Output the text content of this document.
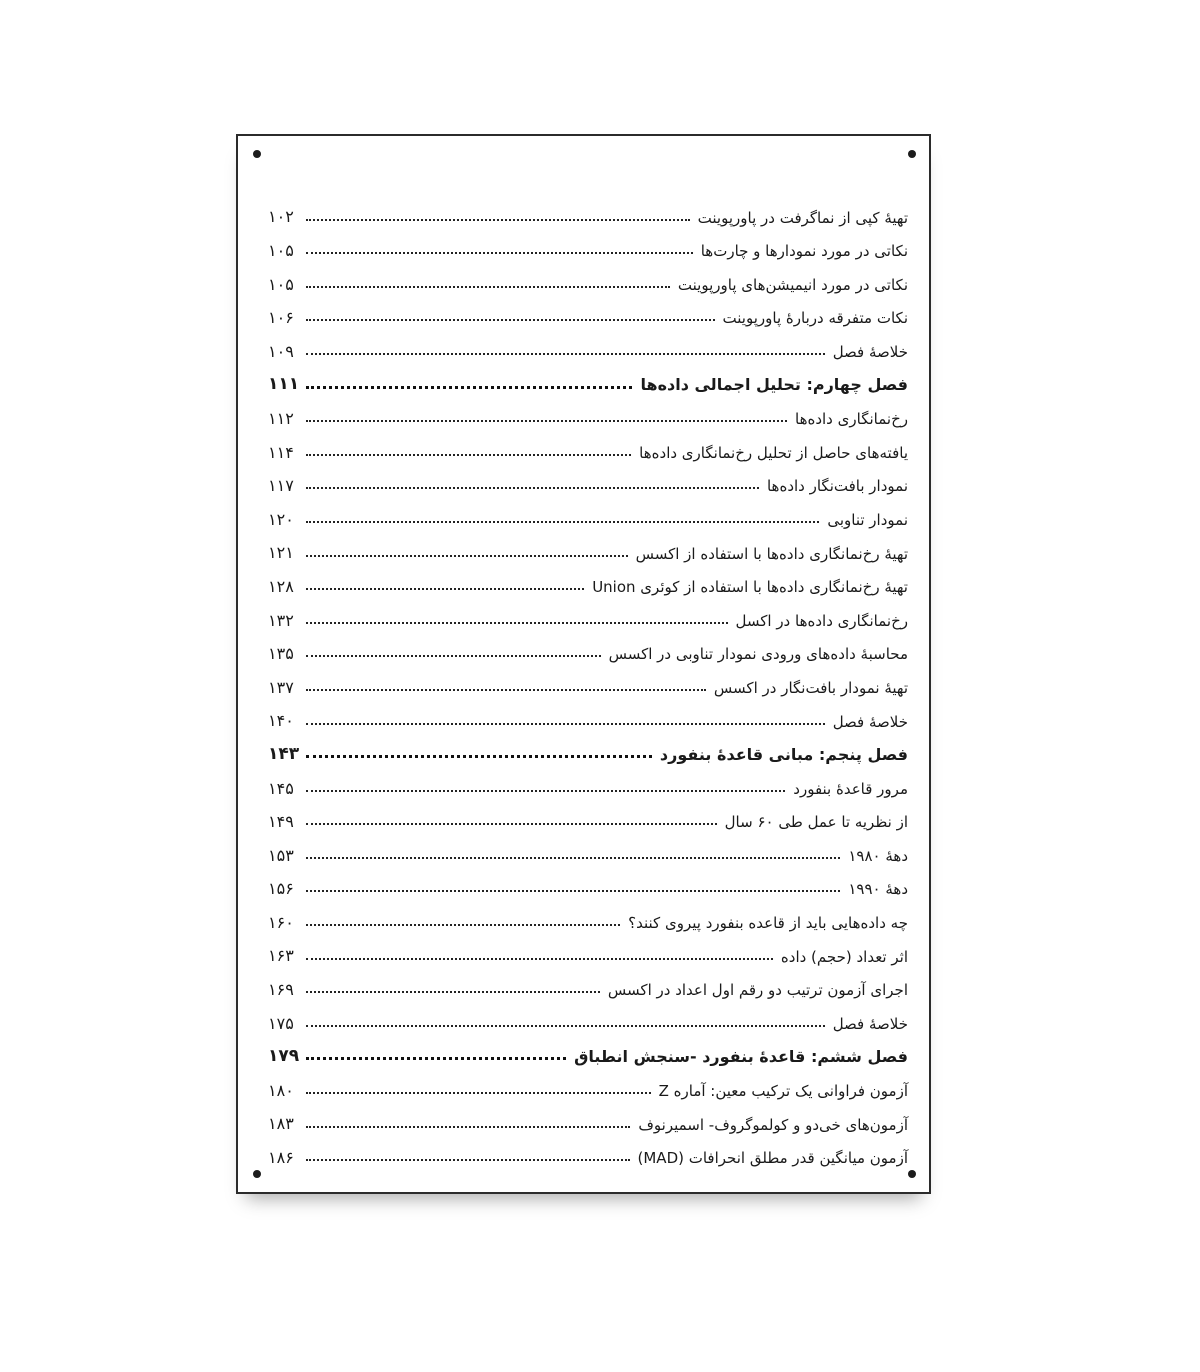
تهیهٔ کپی از نماگرفت در پاورپوینت
۱۰۲
نکاتی در مورد نمودارها و چارت‌ها
۱۰۵
نکاتی در مورد انیمیشن‌های پاورپوینت
۱۰۵
نکات متفرقه دربارهٔ پاورپوینت
۱۰۶
خلاصهٔ فصل
۱۰۹
فصل چهارم: تحلیل اجمالی داده‌ها
۱۱۱
رخ‌نمانگاری داده‌ها
۱۱۲
یافته‌های حاصل از تحلیل رخ‌نمانگاری داده‌ها
۱۱۴
نمودار بافت‌نگار داده‌ها
۱۱۷
نمودار تناوبی
۱۲۰
تهیهٔ رخ‌نمانگاری داده‌ها با استفاده از اکسس
۱۲۱
تهیهٔ رخ‌نمانگاری داده‌ها با استفاده از کوئری Union
۱۲۸
رخ‌نمانگاری داده‌ها در اکسل
۱۳۲
محاسبهٔ داده‌های ورودی نمودار تناوبی در اکسس
۱۳۵
تهیهٔ نمودار بافت‌نگار در اکسس
۱۳۷
خلاصهٔ فصل
۱۴۰
فصل پنجم: مبانی قاعدهٔ بنفورد
۱۴۳
مرور قاعدهٔ بنفورد
۱۴۵
از نظریه تا عمل طی ۶۰ سال
۱۴۹
دههٔ ۱۹۸۰
۱۵۳
دههٔ ۱۹۹۰
۱۵۶
چه داده‌هایی باید از قاعده بنفورد پیروی کنند؟
۱۶۰
اثر تعداد (حجم) داده
۱۶۳
اجرای آزمون ترتیب دو رقم اول اعداد در اکسس
۱۶۹
خلاصهٔ فصل
۱۷۵
فصل ششم: قاعدهٔ بنفورد -سنجش انطباق
۱۷۹
آزمون فراوانی یک ترکیب معین: آماره Z
۱۸۰
آزمون‌های خی‌دو و کولموگروف- اسمیرنوف
۱۸۳
آزمون میانگین قدر مطلق انحرافات (MAD)
۱۸۶
